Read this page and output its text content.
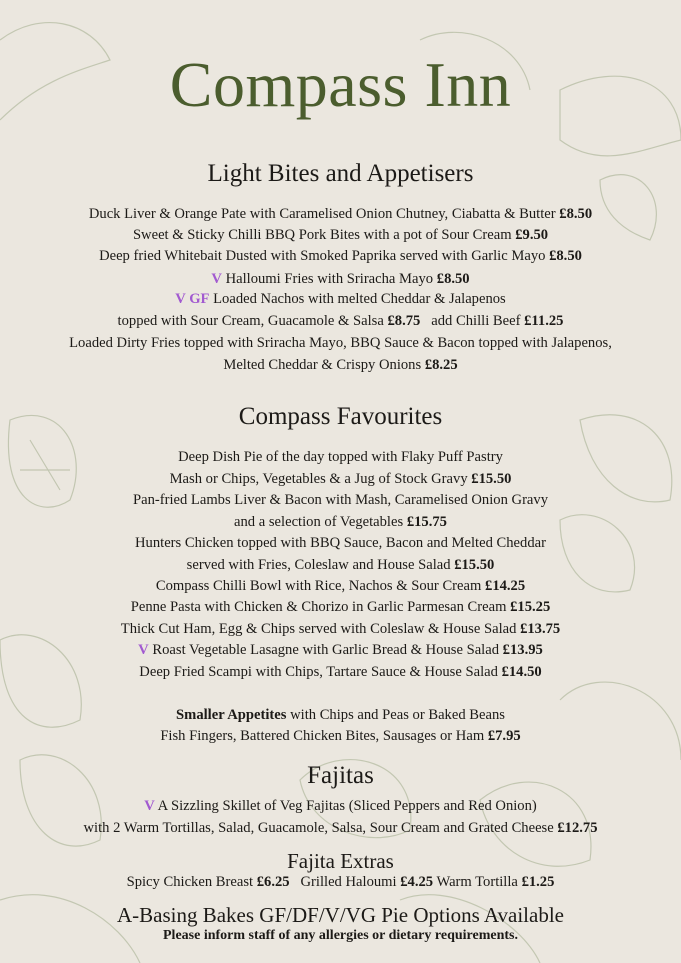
Compass Inn
A-Basing Bakes GF/DF/V/VG Pie Options Available
Please inform staff of any allergies or dietary requirements.
Light Bites and Appetisers
Duck Liver & Orange Pate with Caramelised Onion Chutney, Ciabatta & Butter £8.50
Sweet & Sticky Chilli BBQ Pork Bites with a pot of Sour Cream £9.50
Deep fried Whitebait Dusted with Smoked Paprika served with Garlic Mayo £8.50
V Halloumi Fries with Sriracha Mayo £8.50
V GF Loaded Nachos with melted Cheddar & Jalapenos
topped with Sour Cream, Guacamole & Salsa £8.75 add Chilli Beef £11.25
Loaded Dirty Fries topped with Sriracha Mayo, BBQ Sauce & Bacon topped with Jalapenos,
Melted Cheddar & Crispy Onions £8.25
Compass Favourites
Deep Dish Pie of the day topped with Flaky Puff Pastry
Mash or Chips, Vegetables & a Jug of Stock Gravy £15.50
Pan-fried Lambs Liver & Bacon with Mash, Caramelised Onion Gravy
and a selection of Vegetables £15.75
Hunters Chicken topped with BBQ Sauce, Bacon and Melted Cheddar
served with Fries, Coleslaw and House Salad £15.50
Compass Chilli Bowl with Rice, Nachos & Sour Cream £14.25
Penne Pasta with Chicken & Chorizo in Garlic Parmesan Cream £15.25
Thick Cut Ham, Egg & Chips served with Coleslaw & House Salad £13.75
V Roast Vegetable Lasagne with Garlic Bread & House Salad £13.95
Deep Fried Scampi with Chips, Tartare Sauce & House Salad £14.50
Smaller Appetites with Chips and Peas or Baked Beans
Fish Fingers, Battered Chicken Bites, Sausages or Ham £7.95
Fajitas
V A Sizzling Skillet of Veg Fajitas (Sliced Peppers and Red Onion)
with 2 Warm Tortillas, Salad, Guacamole, Salsa, Sour Cream and Grated Cheese £12.75
Fajita Extras
Spicy Chicken Breast £6.25 Grilled Haloumi £4.25 Warm Tortilla £1.25
